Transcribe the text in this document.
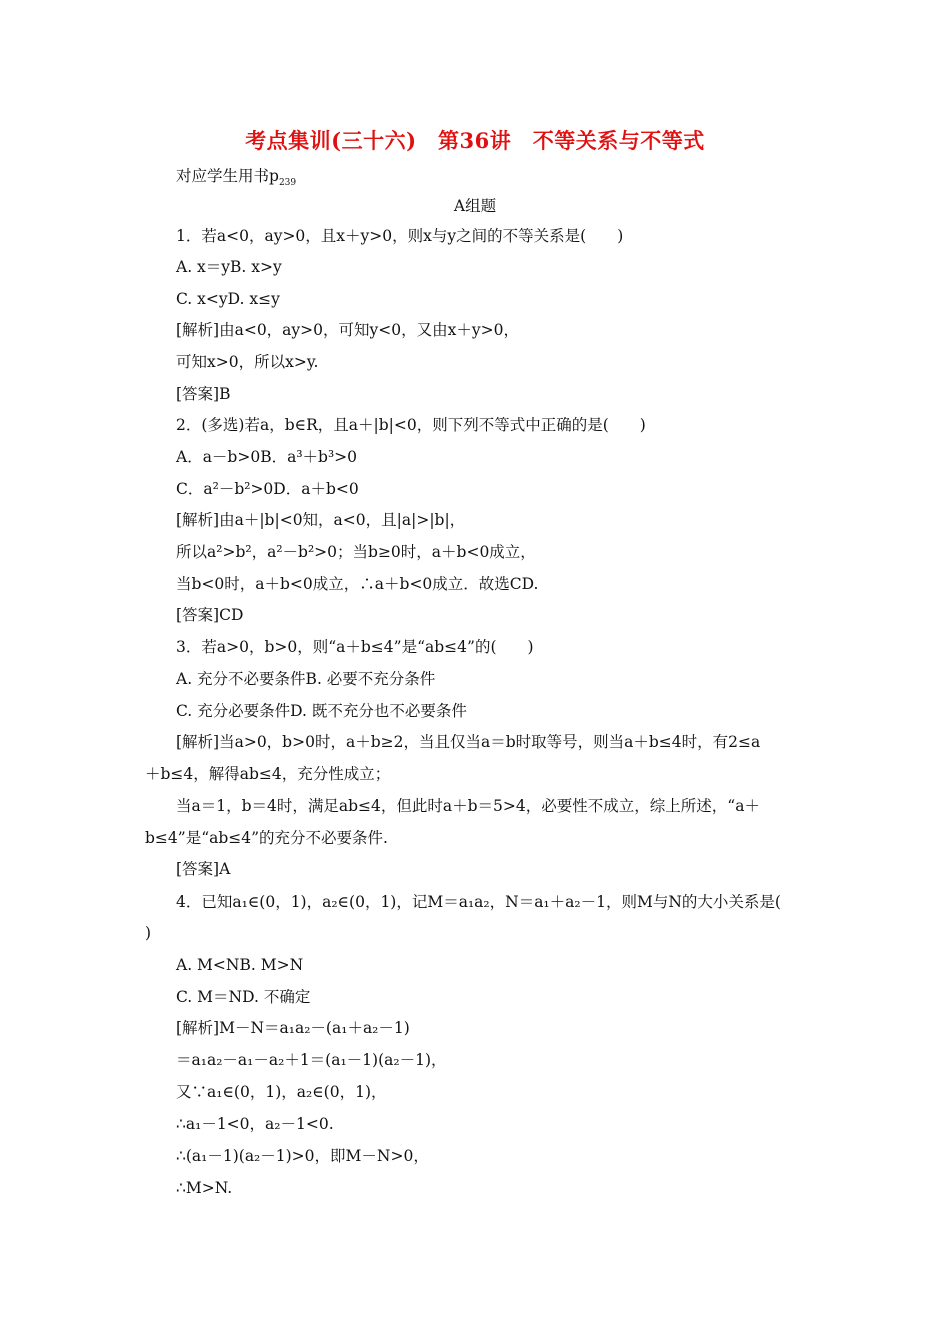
考点集训(三十六)　第36讲　不等关系与不等式
对应学生用书$p_{239}$
A组题
1．若a<0，ay>0，且x＋y>0，则x与y之间的不等关系是(　　)
A. x＝yB. x>y
C. x<yD. x≤y
[解析]由a<0，ay>0，可知y<0，又由x＋y>0，
可知x>0，所以x>y.
[答案]B
2．(多选)若a，b∈R，且a＋|b|<0，则下列不等式中正确的是(　　)
A．a－b>0B．a³＋b³>0
C．a²－b²>0D．a＋b<0
[解析]由a＋|b|<0知，a<0，且|a|>|b|，
所以a²>b²，a²－b²>0；当b≥0时，a＋b<0成立，
当b<0时，a＋b<0成立，∴a＋b<0成立．故选CD.
[答案]CD
3．若a>0，b>0，则“a＋b≤4”是“ab≤4”的(　　)
A. 充分不必要条件B. 必要不充分条件
C. 充分必要条件D. 既不充分也不必要条件
[解析]当a>0，b>0时，a＋b≥2，当且仅当a＝b时取等号，则当a＋b≤4时，有2≤a
＋b≤4，解得ab≤4，充分性成立；
当a＝1，b＝4时，满足ab≤4，但此时a＋b＝5>4，必要性不成立，综上所述，“a＋
b≤4”是“ab≤4”的充分不必要条件.
[答案]A
4．已知a₁∈(0，1)，a₂∈(0，1)，记M＝a₁a₂，N＝a₁＋a₂－1，则M与N的大小关系是(
)
A. M<NB. M>N
C. M＝ND. 不确定
[解析]M－N＝a₁a₂－(a₁＋a₂－1)
＝a₁a₂－a₁－a₂＋1＝(a₁－1)(a₂－1)，
又∵a₁∈(0，1)，a₂∈(0，1)，
∴a₁－1<0，a₂－1<0.
∴(a₁－1)(a₂－1)>0，即M－N>0，
∴M>N.
